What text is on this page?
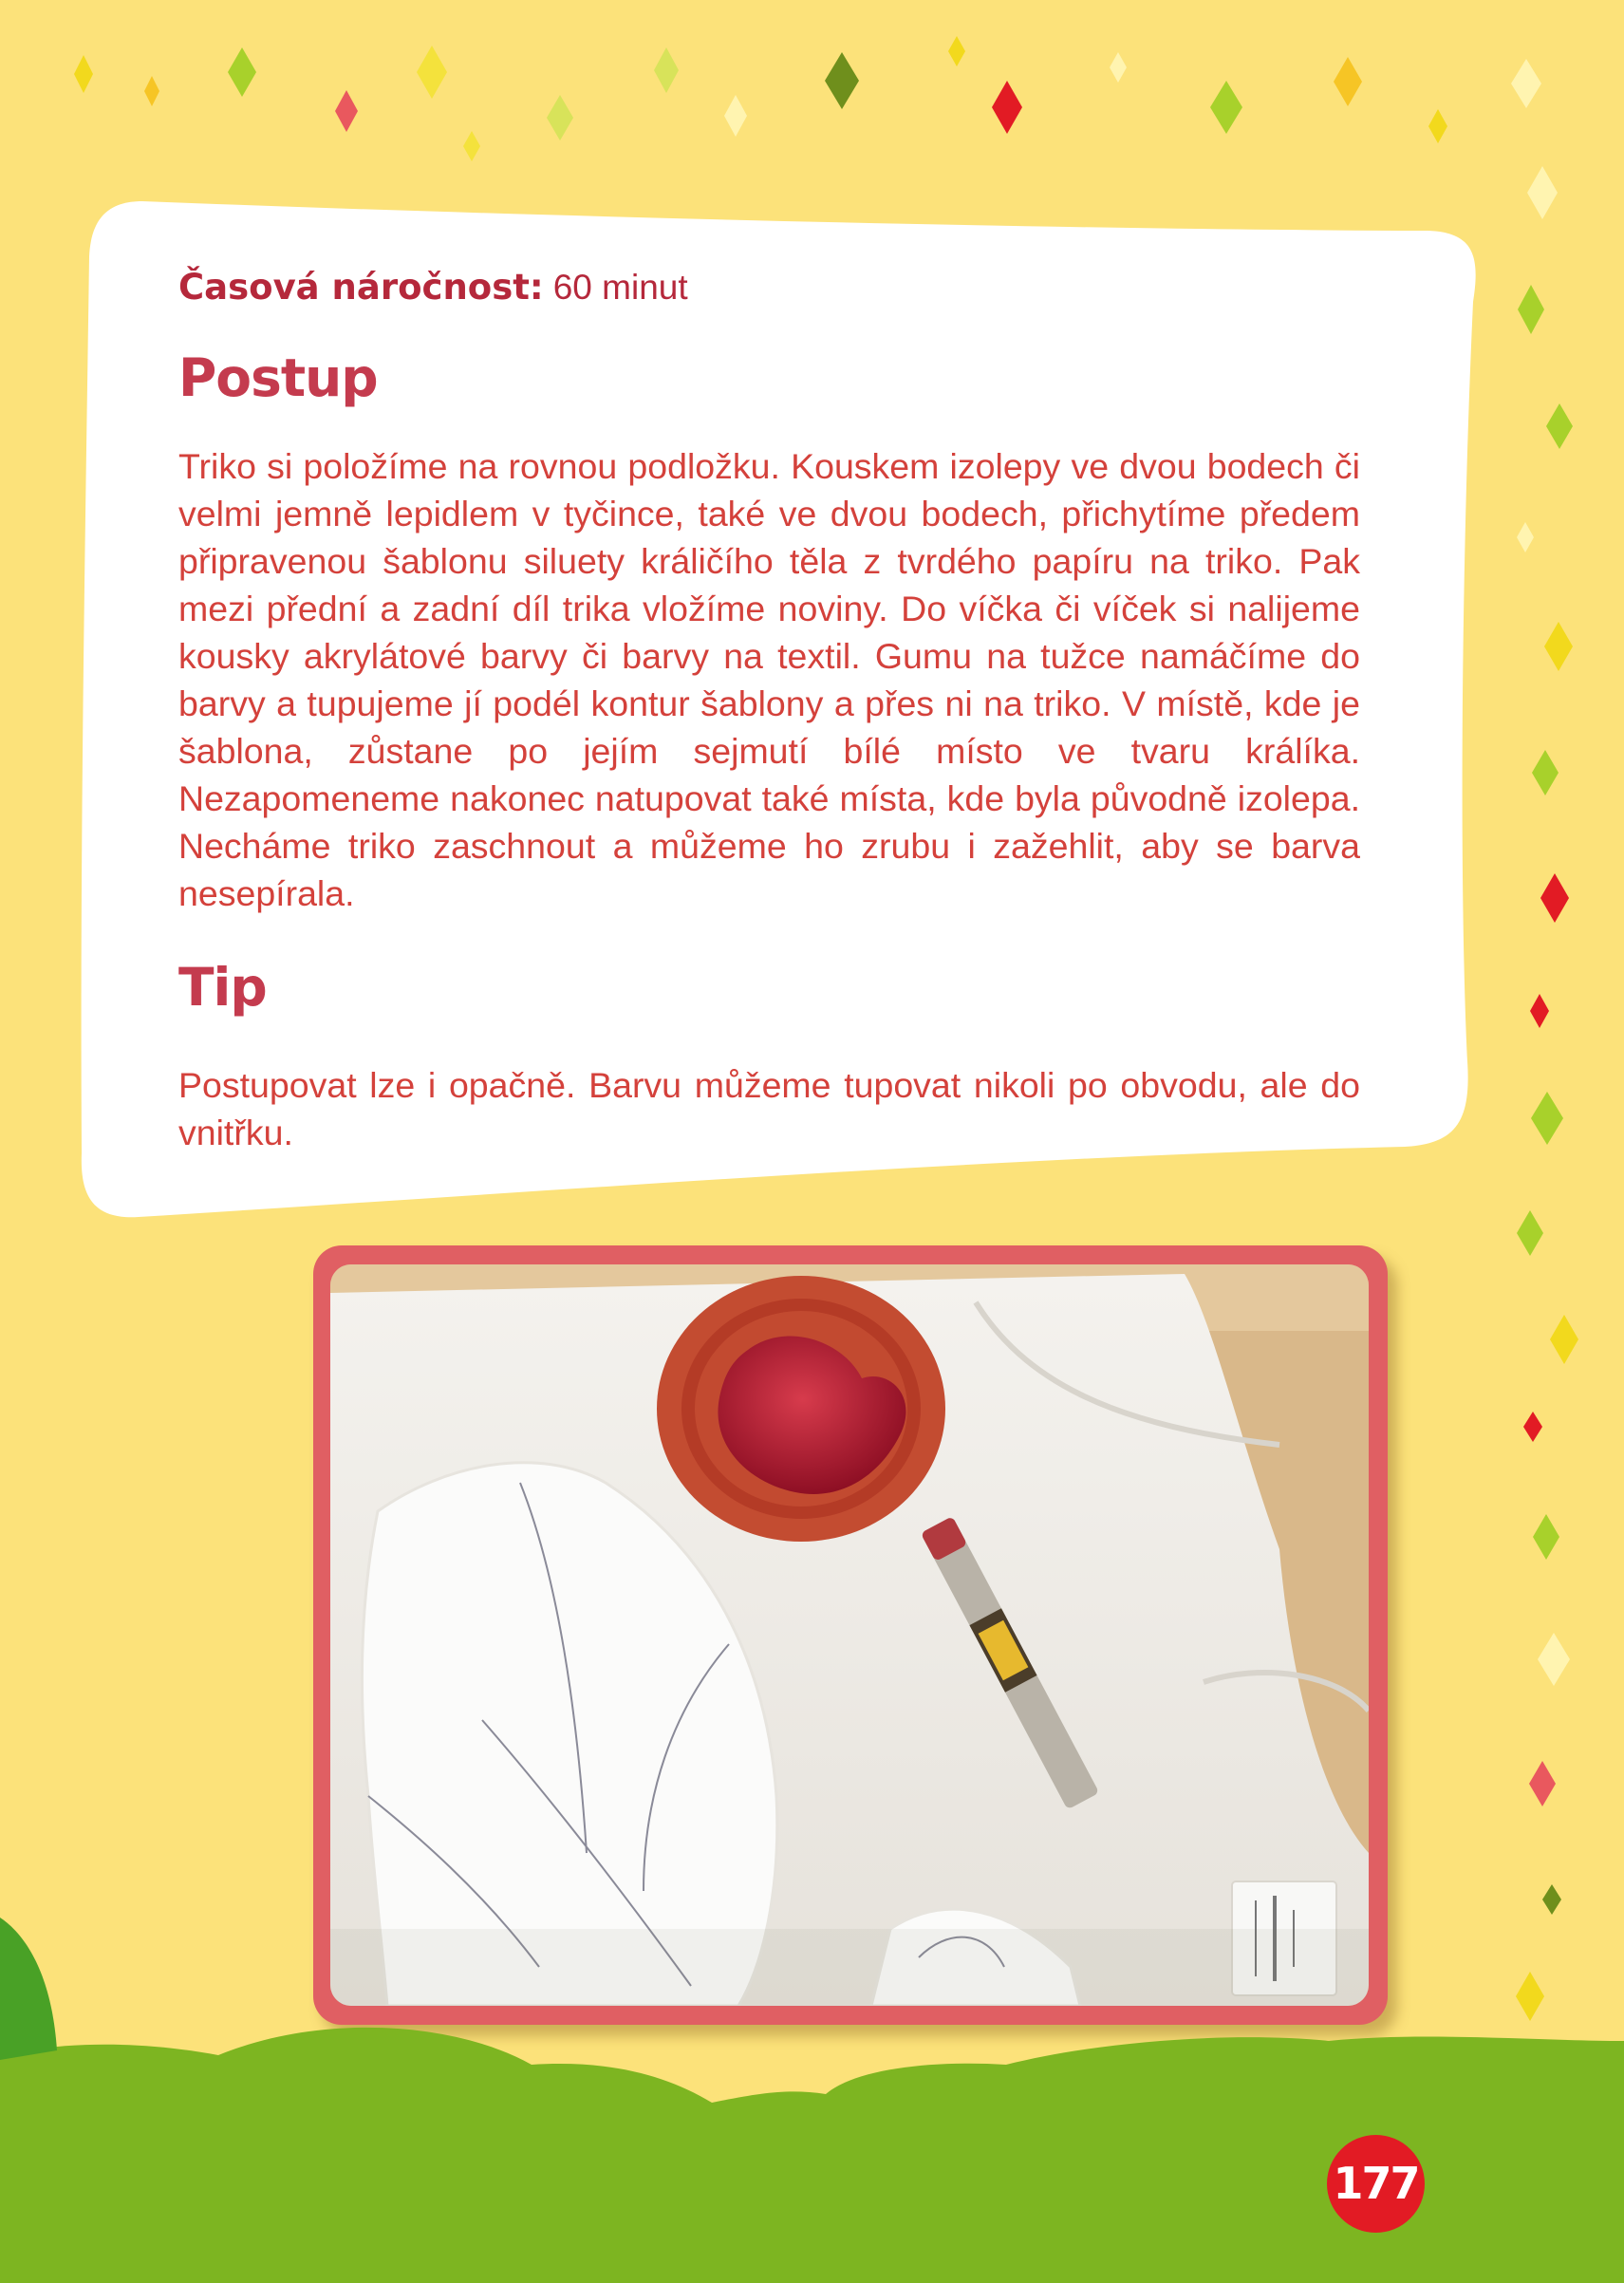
Časová náročnost: 60 minut

Postup

Triko si položíme na rovnou podložku. Kouskem izolepy ve dvou bodech či velmi jemně lepidlem v tyčince, také ve dvou bodech, přichytíme předem připravenou šablonu siluety králičího těla z tvrdého papíru na triko. Pak mezi přední a zadní díl trika vložíme noviny. Do víčka či víček si nalijeme kousky akrylátové barvy či barvy na textil. Gumu na tužce namáčíme do barvy a tupujeme jí podél kontur šablony a přes ni na triko. V místě, kde je šablona, zůstane po jejím sejmutí bílé místo ve tvaru králíka. Nezapomeneme nakonec natupovat také místa, kde byla původně izolepa. Necháme triko zaschnout a můžeme ho zrubu i zažehlit, aby se barva nesepírala.

Tip

Postupovat lze i opačně. Barvu můžeme tupovat nikoli po obvodu, ale do vnitřku.

177
